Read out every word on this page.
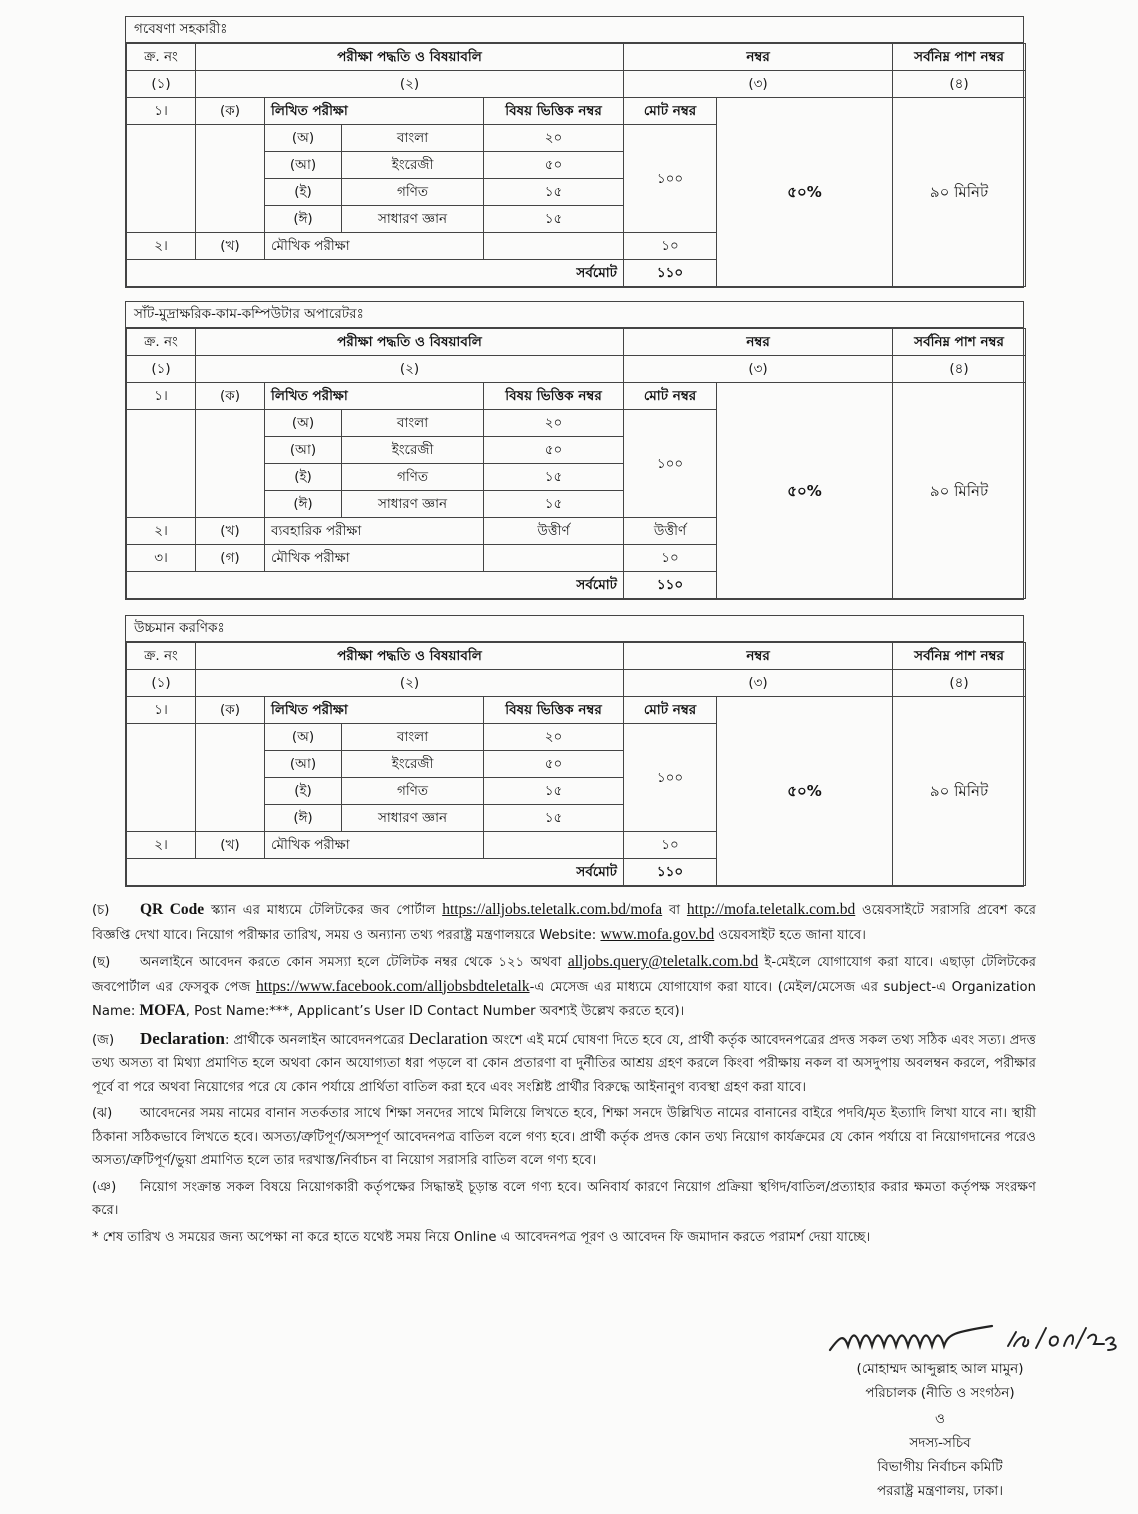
গবেষণা সহকারীঃ
ক্র. নং	পরীক্ষা পদ্ধতি ও বিষয়াবলি				নম্বর		সর্বনিম্ন পাশ নম্বর	
(১)	(২)				(৩)		(৪)	
১।	(ক)	লিখিত পরীক্ষা		বিষয় ভিত্তিক নম্বর	মোট নম্বর	৫০%	৯০ মিনিট	
		(অ)	বাংলা	২০	১০০			
		(আ)	ইংরেজী	৫০				
		(ই)	গণিত	১৫				
		(ঈ)	সাধারণ জ্ঞান	১৫				
২।	(খ)	মৌখিক পরীক্ষা			১০			
সর্বমোট					১১০			
সাঁট-মুদ্রাক্ষরিক-কাম-কম্পিউটার অপারেটরঃ
ক্র. নং	পরীক্ষা পদ্ধতি ও বিষয়াবলি				নম্বর		সর্বনিম্ন পাশ নম্বর	
(১)	(২)				(৩)		(৪)	
১।	(ক)	লিখিত পরীক্ষা		বিষয় ভিত্তিক নম্বর	মোট নম্বর	৫০%	৯০ মিনিট	
		(অ)	বাংলা	২০	১০০			
		(আ)	ইংরেজী	৫০				
		(ই)	গণিত	১৫				
		(ঈ)	সাধারণ জ্ঞান	১৫				
২।	(খ)	ব্যবহারিক পরীক্ষা		উত্তীর্ণ	উত্তীর্ণ			
৩।	(গ)	মৌখিক পরীক্ষা			১০			
সর্বমোট					১১০			
উচ্চমান করণিকঃ
ক্র. নং	পরীক্ষা পদ্ধতি ও বিষয়াবলি				নম্বর		সর্বনিম্ন পাশ নম্বর	
(১)	(২)				(৩)		(৪)	
১।	(ক)	লিখিত পরীক্ষা		বিষয় ভিত্তিক নম্বর	মোট নম্বর	৫০%	৯০ মিনিট	
		(অ)	বাংলা	২০	১০০			
		(আ)	ইংরেজী	৫০				
		(ই)	গণিত	১৫				
		(ঈ)	সাধারণ জ্ঞান	১৫				
২।	(খ)	মৌখিক পরীক্ষা			১০			
সর্বমোট					১১০			

(চ) QR Code স্ক্যান এর মাধ্যমে টেলিটকের জব পোর্টাল https://alljobs.teletalk.com.bd/mofa বা http://mofa.teletalk.com.bd ওয়েবসাইটে সরাসরি প্রবেশ করে বিজ্ঞপ্তি দেখা যাবে। নিয়োগ পরীক্ষার তারিখ, সময় ও অন্যান্য তথ্য পররাষ্ট্র মন্ত্রণালয়রে Website: www.mofa.gov.bd ওয়েবসাইট হতে জানা যাবে।

(ছ) অনলাইনে আবেদন করতে কোন সমস্যা হলে টেলিটক নম্বর থেকে ১২১ অথবা alljobs.query@teletalk.com.bd ই-মেইলে যোগাযোগ করা যাবে। এছাড়া টেলিটকের জবপোর্টাল এর ফেসবুক পেজ https://www.facebook.com/alljobsbdteletalk-এ মেসেজ এর মাধ্যমে যোগাযোগ করা যাবে। (মেইল/মেসেজ এর subject-এ Organization Name: MOFA, Post Name:***, Applicant’s User ID Contact Number অবশ্যই উল্লেখ করতে হবে)।

(জ) Declaration: প্রার্থীকে অনলাইন আবেদনপত্রের Declaration অংশে এই মর্মে ঘোষণা দিতে হবে যে, প্রার্থী কর্তৃক আবেদনপত্রের প্রদত্ত সকল তথ্য সঠিক এবং সত্য। প্রদত্ত তথ্য অসত্য বা মিথ্যা প্রমাণিত হলে অথবা কোন অযোগ্যতা ধরা পড়লে বা কোন প্রতারণা বা দুর্নীতির আশ্রয় গ্রহণ করলে কিংবা পরীক্ষায় নকল বা অসদুপায় অবলম্বন করলে, পরীক্ষার পূর্বে বা পরে অথবা নিয়োগের পরে যে কোন পর্যায়ে প্রার্থিতা বাতিল করা হবে এবং সংশ্লিষ্ট প্রার্থীর বিরুদ্ধে আইনানুগ ব্যবস্থা গ্রহণ করা যাবে।

(ঝ) আবেদনের সময় নামের বানান সতর্কতার সাথে শিক্ষা সনদের সাথে মিলিয়ে লিখতে হবে, শিক্ষা সনদে উল্লিখিত নামের বানানের বাইরে পদবি/মৃত ইত্যাদি লিখা যাবে না। স্থায়ী ঠিকানা সঠিকভাবে লিখতে হবে। অসত্য/ত্রুটিপূর্ণ/অসম্পূর্ণ আবেদনপত্র বাতিল বলে গণ্য হবে। প্রার্থী কর্তৃক প্রদত্ত কোন তথ্য নিয়োগ কার্যক্রমের যে কোন পর্যায়ে বা নিয়োগদানের পরেও অসত্য/ত্রুটিপূর্ণ/ভুয়া প্রমাণিত হলে তার দরখাস্ত/নির্বাচন বা নিয়োগ সরাসরি বাতিল বলে গণ্য হবে।

(ঞ) নিয়োগ সংক্রান্ত সকল বিষয়ে নিয়োগকারী কর্তৃপক্ষের সিদ্ধান্তই চূড়ান্ত বলে গণ্য হবে। অনিবার্য কারণে নিয়োগ প্রক্রিয়া স্থগিদ/বাতিল/প্রত্যাহার করার ক্ষমতা কর্তৃপক্ষ সংরক্ষণ করে।

* শেষ তারিখ ও সময়ের জন্য অপেক্ষা না করে হাতে যথেষ্ট সময় নিয়ে Online এ আবেদনপত্র পূরণ ও আবেদন ফি জমাদান করতে পরামর্শ দেয়া যাচ্ছে।

(মোহাম্মদ আব্দুল্লাহ আল মামুন)
পরিচালক (নীতি ও সংগঠন)
ও
সদস্য-সচিব
বিভাগীয় নির্বাচন কমিটি
পররাষ্ট্র মন্ত্রণালয়, ঢাকা।
